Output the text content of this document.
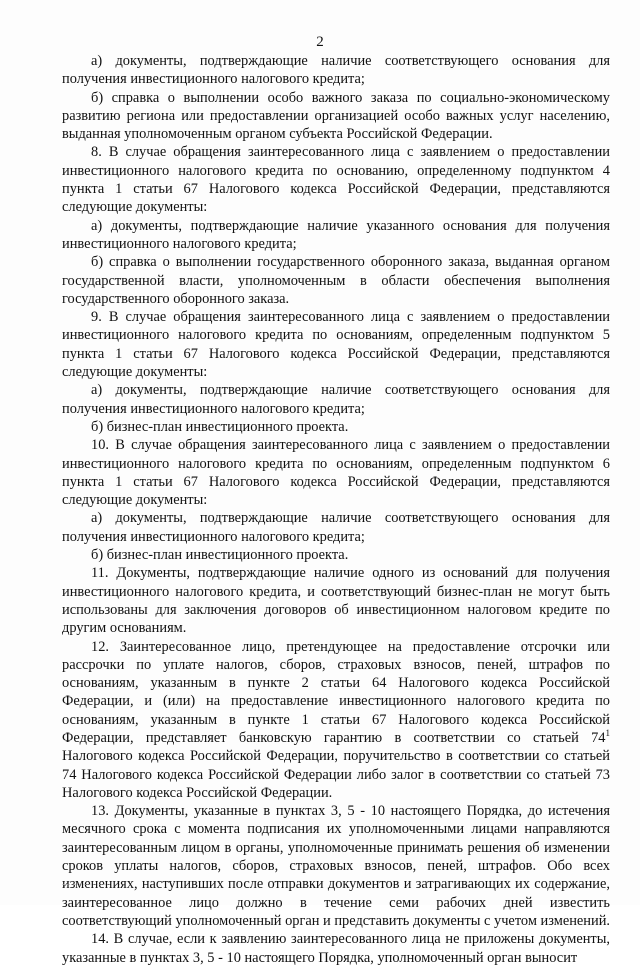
2

а) документы, подтверждающие наличие соответствующего основания для получения инвестиционного налогового кредита;

б) справка о выполнении особо важного заказа по социально-экономическому развитию региона или предоставлении организацией особо важных услуг населению, выданная уполномоченным органом субъекта Российской Федерации.

8. В случае обращения заинтересованного лица с заявлением о предоставлении инвестиционного налогового кредита по основанию, определенному подпунктом 4 пункта 1 статьи 67 Налогового кодекса Российской Федерации, представляются следующие документы:

а) документы, подтверждающие наличие указанного основания для получения инвестиционного налогового кредита;

б) справка о выполнении государственного оборонного заказа, выданная органом государственной власти, уполномоченным в области обеспечения выполнения государственного оборонного заказа.

9. В случае обращения заинтересованного лица с заявлением о предоставлении инвестиционного налогового кредита по основаниям, определенным подпунктом 5 пункта 1 статьи 67 Налогового кодекса Российской Федерации, представляются следующие документы:

а) документы, подтверждающие наличие соответствующего основания для получения инвестиционного налогового кредита;

б) бизнес-план инвестиционного проекта.

10. В случае обращения заинтересованного лица с заявлением о предоставлении инвестиционного налогового кредита по основаниям, определенным подпунктом 6 пункта 1 статьи 67 Налогового кодекса Российской Федерации, представляются следующие документы:

а) документы, подтверждающие наличие соответствующего основания для получения инвестиционного налогового кредита;

б) бизнес-план инвестиционного проекта.

11. Документы, подтверждающие наличие одного из оснований для получения инвестиционного налогового кредита, и соответствующий бизнес-план не могут быть использованы для заключения договоров об инвестиционном налоговом кредите по другим основаниям.

12. Заинтересованное лицо, претендующее на предоставление отсрочки или рассрочки по уплате налогов, сборов, страховых взносов, пеней, штрафов по основаниям, указанным в пункте 2 статьи 64 Налогового кодекса Российской Федерации, и (или) на предоставление инвестиционного налогового кредита по основаниям, указанным в пункте 1 статьи 67 Налогового кодекса Российской Федерации, представляет банковскую гарантию в соответствии со статьей $74^1$ Налогового кодекса Российской Федерации, поручительство в соответствии со статьей 74 Налогового кодекса Российской Федерации либо залог в соответствии со статьей 73 Налогового кодекса Российской Федерации.

13. Документы, указанные в пунктах 3, 5 - 10 настоящего Порядка, до истечения месячного срока с момента подписания их уполномоченными лицами направляются заинтересованным лицом в органы, уполномоченные принимать решения об изменении сроков уплаты налогов, сборов, страховых взносов, пеней, штрафов. Обо всех изменениях, наступивших после отправки документов и затрагивающих их содержание, заинтересованное лицо должно в течение семи рабочих дней известить соответствующий уполномоченный орган и представить документы с учетом изменений.

14. В случае, если к заявлению заинтересованного лица не приложены документы, указанные в пунктах 3, 5 - 10 настоящего Порядка, уполномоченный орган выносит
